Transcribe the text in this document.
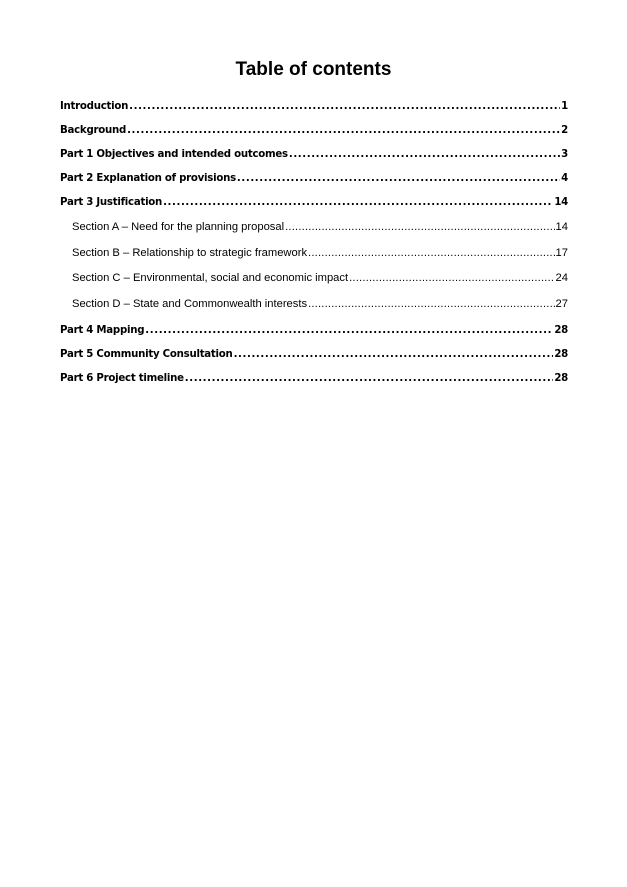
Table of contents
Introduction .....	1
Background .....	2
Part 1 Objectives and intended outcomes .....	3
Part 2 Explanation of provisions .....	4
Part 3 Justification .....	14
Section A – Need for the planning proposal .....	14
Section B – Relationship to strategic framework .....	17
Section C – Environmental, social and economic impact .....	24
Section D – State and Commonwealth interests .....	27
Part 4 Mapping .....	28
Part 5 Community Consultation .....	28
Part 6 Project timeline .....	28
